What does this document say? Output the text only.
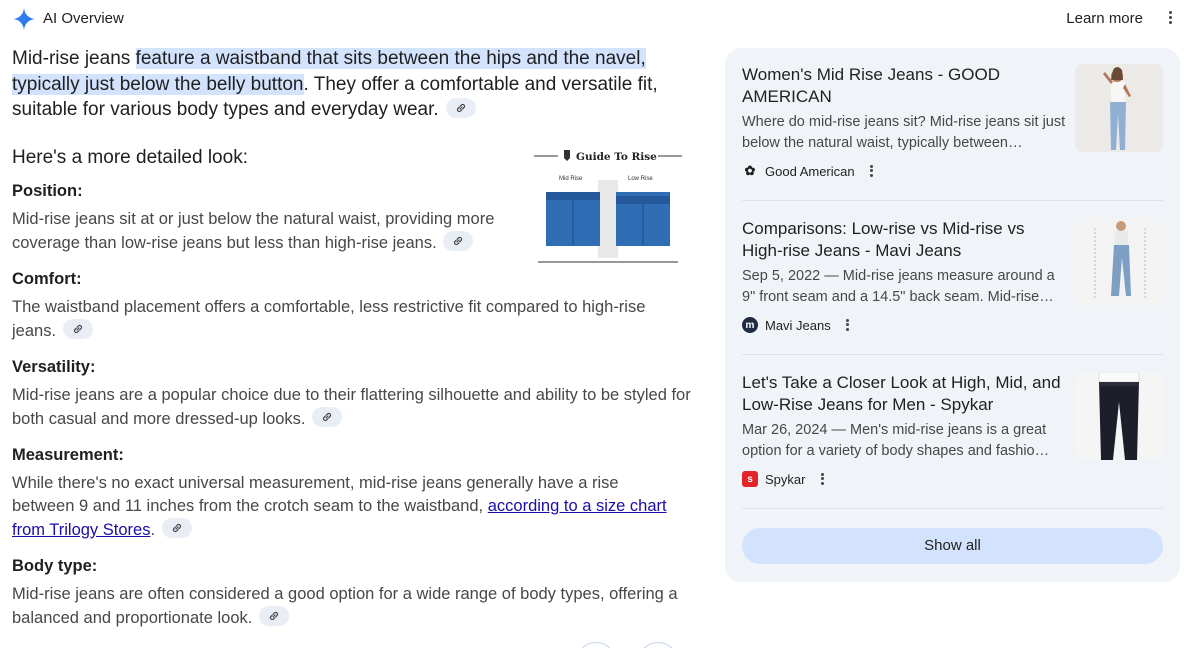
AI Overview	Learn more

Mid-rise jeans feature a waistband that sits between the hips and the navel, typically just below the belly button. They offer a comfortable and versatile fit, suitable for various body types and everyday wear.

Here's a more detailed look:

Position:
Mid-rise jeans sit at or just below the natural waist, providing more coverage than low-rise jeans but less than high-rise jeans.
Comfort:
The waistband placement offers a comfortable, less restrictive fit compared to high-rise jeans.
Versatility:
Mid-rise jeans are a popular choice due to their flattering silhouette and ability to be styled for both casual and more dressed-up looks.
Measurement:
While there's no exact universal measurement, mid-rise jeans generally have a rise between 9 and 11 inches from the crotch seam to the waistband, according to a size chart from Trilogy Stores.
Body type:
Mid-rise jeans are often considered a good option for a wide range of body types, offering a balanced and proportionate look.
Guide To Rise
Mid Rise	Low Rise
Women's Mid Rise Jeans - GOOD AMERICAN
Where do mid-rise jeans sit? Mid-rise jeans sit just below the natural waist, typically between…
✿ Good American
Comparisons: Low-rise vs Mid-rise vs High-rise Jeans - Mavi Jeans
Sep 5, 2022 — Mid-rise jeans measure around a 9" front seam and a 14.5" back seam. Mid-rise…
m Mavi Jeans
Let's Take a Closer Look at High, Mid, and Low-Rise Jeans for Men - Spykar
Mar 26, 2024 — Men's mid-rise jeans is a great option for a variety of body shapes and fashio…
s Spykar
Show all
